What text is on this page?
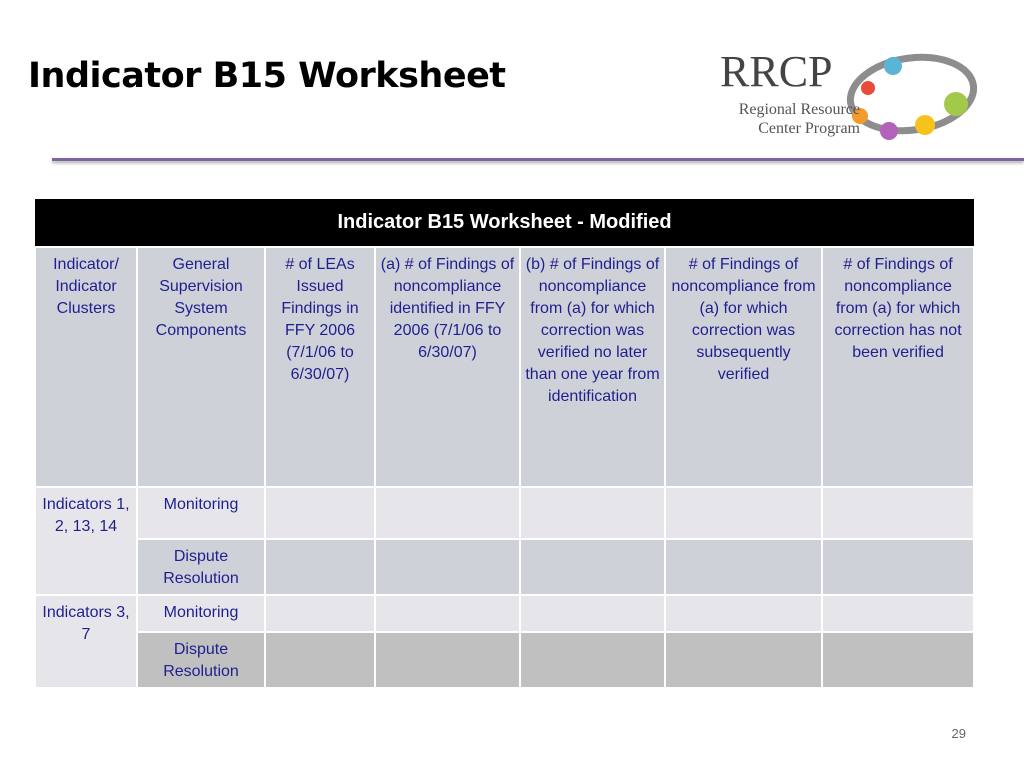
Indicator B15 Worksheet	RRCP
Regional Resource
Center Program
Indicator B15 Worksheet - Modified						
Indicator/ Indicator Clusters	General Supervision System Components	# of LEAs Issued Findings in FFY 2006 (7/1/06 to 6/30/07)	(a) # of Findings of noncompliance identified in FFY 2006 (7/1/06 to 6/30/07)	(b) # of Findings of noncompliance from (a) for which correction was verified no later than one year from identification	# of Findings of noncompliance from (a) for which correction was subsequently verified	# of Findings of noncompliance from (a) for which correction has not been verified
Indicators 1, 2, 13, 14	Monitoring					
	Dispute Resolution					
Indicators 3, 7	Monitoring					
	Dispute Resolution					
29
